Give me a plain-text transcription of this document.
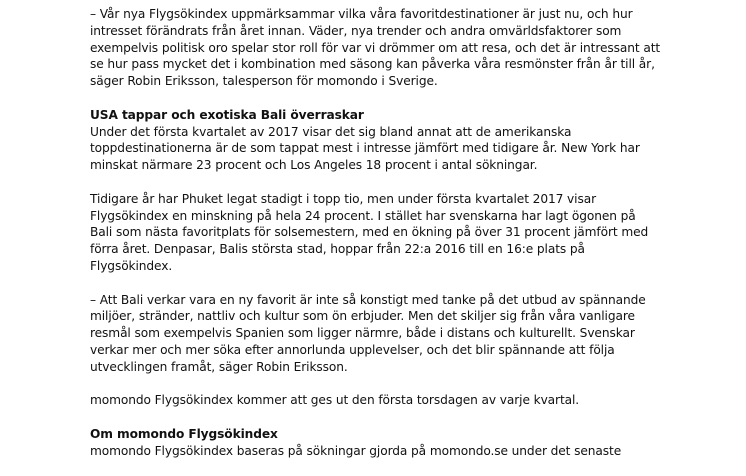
– Vår nya Flygsökindex uppmärksammar vilka våra favoritdestinationer är just nu, och hur
intresset förändrats från året innan. Väder, nya trender och andra omvärldsfaktorer som
exempelvis politisk oro spelar stor roll för var vi drömmer om att resa, och det är intressant att
se hur pass mycket det i kombination med säsong kan påverka våra resmönster från år till år,
säger Robin Eriksson, talesperson för momondo i Sverige.
USA tappar och exotiska Bali överraskar
Under det första kvartalet av 2017 visar det sig bland annat att de amerikanska
toppdestinationerna är de som tappat mest i intresse jämfört med tidigare år. New York har
minskat närmare 23 procent och Los Angeles 18 procent i antal sökningar.
Tidigare år har Phuket legat stadigt i topp tio, men under första kvartalet 2017 visar
Flygsökindex en minskning på hela 24 procent. I stället har svenskarna har lagt ögonen på
Bali som nästa favoritplats för solsemestern, med en ökning på över 31 procent jämfört med
förra året. Denpasar, Balis största stad, hoppar från 22:a 2016 till en 16:e plats på
Flygsökindex.
– Att Bali verkar vara en ny favorit är inte så konstigt med tanke på det utbud av spännande
miljöer, stränder, nattliv och kultur som ön erbjuder. Men det skiljer sig från våra vanligare
resmål som exempelvis Spanien som ligger närmre, både i distans och kulturellt. Svenskar
verkar mer och mer söka efter annorlunda upplevelser, och det blir spännande att följa
utvecklingen framåt, säger Robin Eriksson.
momondo Flygsökindex kommer att ges ut den första torsdagen av varje kvartal.
Om momondo Flygsökindex
momondo Flygsökindex baseras på sökningar gjorda på momondo.se under det senaste
